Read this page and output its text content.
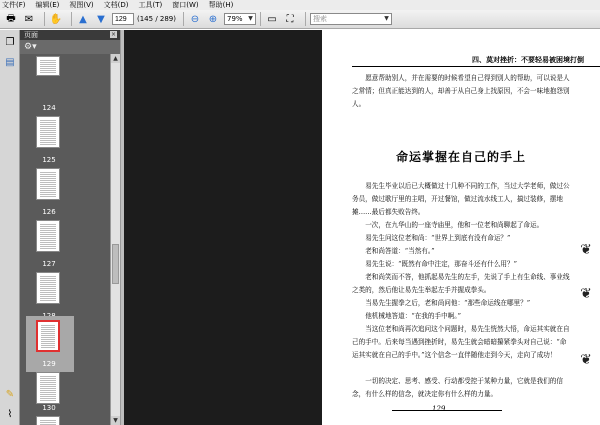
文件(F) 编辑(E) 视图(V) 文档(D) 工具(T) 窗口(W) 帮助(H)
🖶 ✉ ✋	▲	▼
129	(145 / 289) ⊖ ⊕	79% ▼ ▭ ⛶	搜索	▼
❐
▤
✎
⌇
页面	×
⚙▾
124
125
126
127
129
130
▲
▼
四、莫对挫折：不要轻易被困境打倒
愿意帮助别人，并在需要的时候希望自己得到别人的帮助，可以说是人之常情；但真正能达到的人，却善于从自己身上找原因，不会一味地抱怨别人。
命运掌握在自己的手上
易先生毕业以后已大概做过十几种不同的工作，当过大学老师，做过公务员，做过歌厅里的主唱，开过餐馆，做过流水线工人，搞过装修，摆地摊……最后都失败告终。
一次，在九华山的一座寺庙里，他和一位老和尚聊起了命运。
易先生问这位老和尚：“世界上到底有没有命运？”
老和尚答道：“当然有。”
易先生说：“既然有命中注定，那奋斗还有什么用？”
老和尚笑而不答，他抓起易先生的左手，先说了手上有生命线、事业线之类的，然后他让易先生举起左手并握成拳头。
当易先生握拳之后，老和尚问他：“那些命运线在哪里？”
他机械地答道：“在我的手中啊。”
当这位老和尚再次追问这个问题时，易先生恍然大悟，命运其实就在自己的手中。后来每当遇到挫折时，易先生就会暗暗攥紧拳头对自己说：“命运其实就在自己的手中。”这个信念一直伴随他走到今天，走向了成功！
一切的决定、思考、感受、行动都受控于某种力量，它就是我们的信念，有什么样的信念，就决定你有什么样的力量。
❦
❦
❦
129
